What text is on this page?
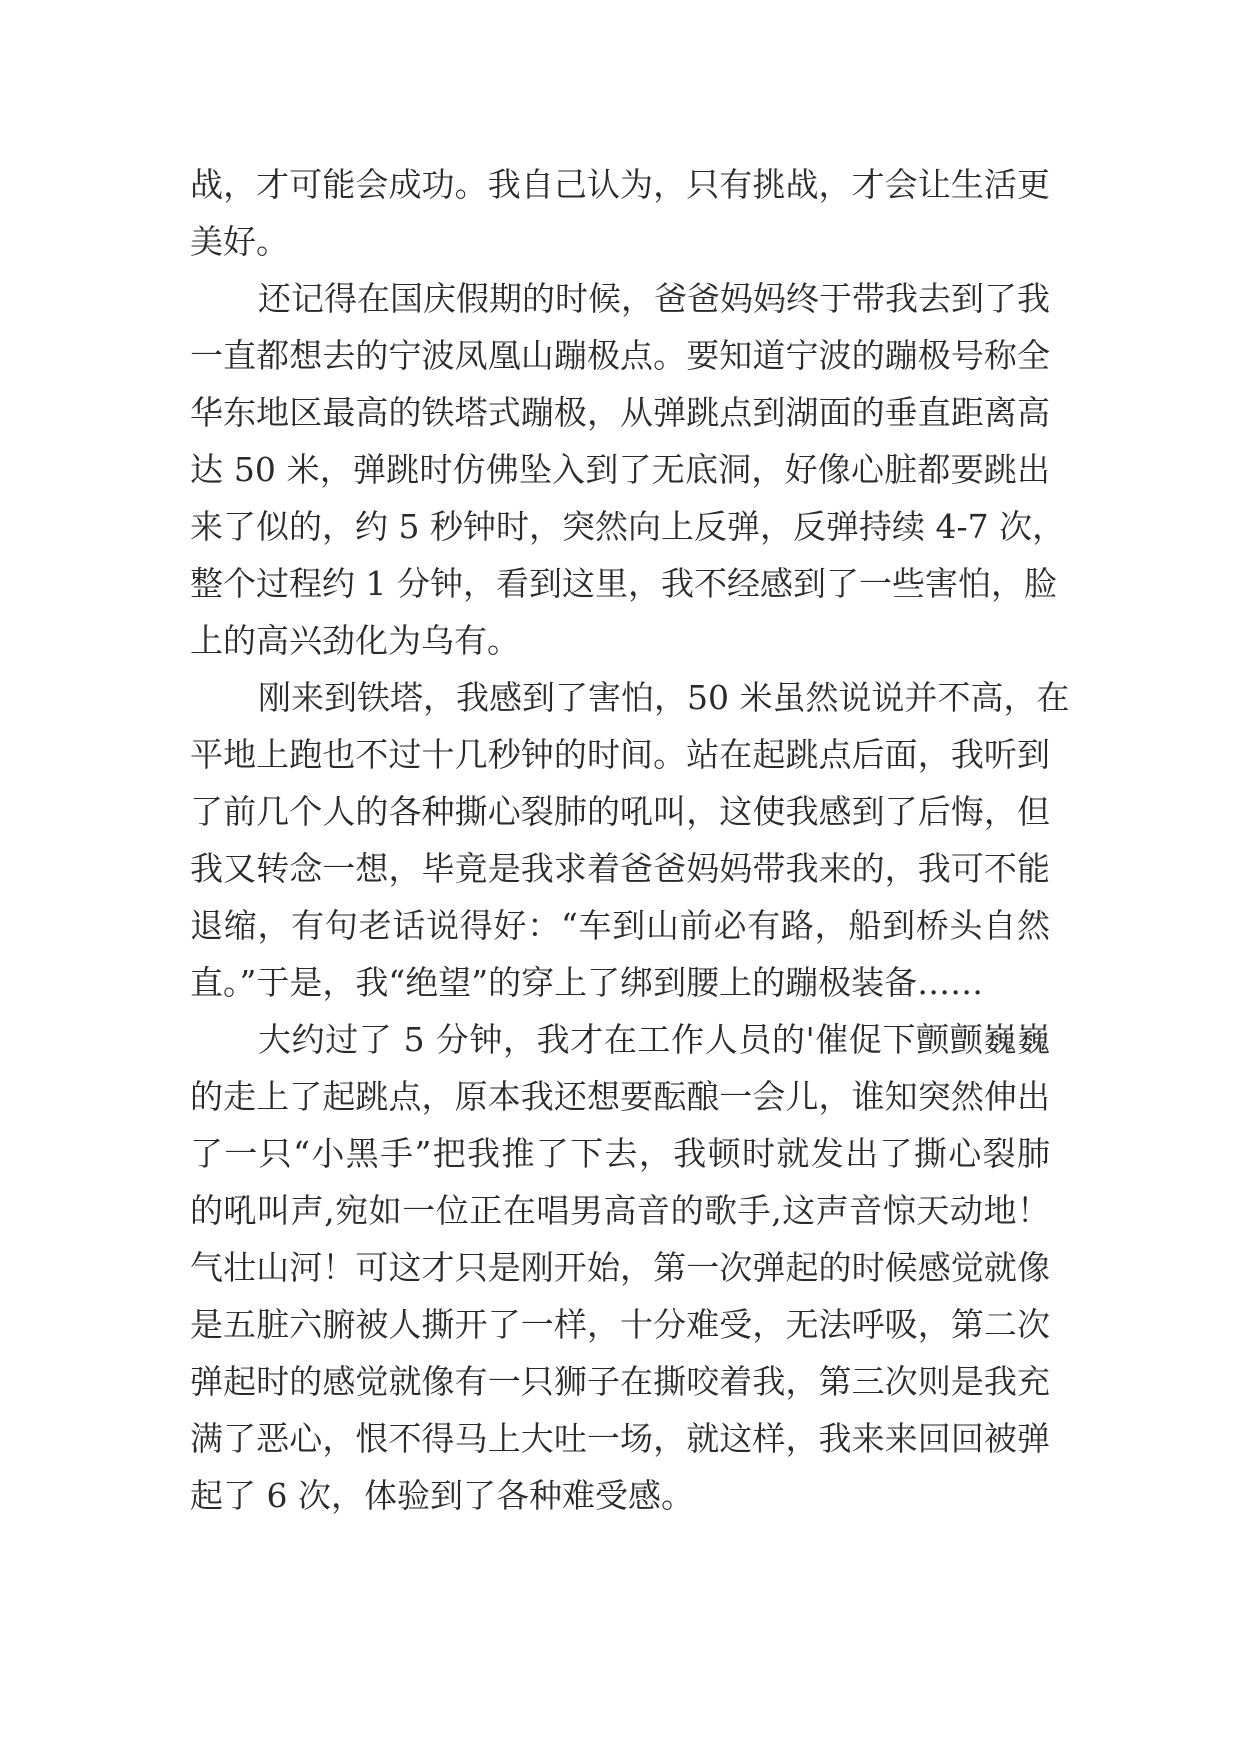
战，才可能会成功。我自己认为，只有挑战，才会让生活更
美好。
还记得在国庆假期的时候，爸爸妈妈终于带我去到了我
一直都想去的宁波凤凰山蹦极点。要知道宁波的蹦极号称全
华东地区最高的铁塔式蹦极，从弹跳点到湖面的垂直距离高
达 50 米，弹跳时仿佛坠入到了无底洞，好像心脏都要跳出
来了似的，约 5 秒钟时，突然向上反弹，反弹持续 4-7 次，
整个过程约 1 分钟，看到这里，我不经感到了一些害怕，脸
上的高兴劲化为乌有。
刚来到铁塔，我感到了害怕，50 米虽然说说并不高，在
平地上跑也不过十几秒钟的时间。站在起跳点后面，我听到
了前几个人的各种撕心裂肺的吼叫，这使我感到了后悔，但
我又转念一想，毕竟是我求着爸爸妈妈带我来的，我可不能
退缩，有句老话说得好：“车到山前必有路，船到桥头自然
直。”于是，我“绝望”的穿上了绑到腰上的蹦极装备……
大约过了 5 分钟，我才在工作人员的'催促下颤颤巍巍
的走上了起跳点，原本我还想要酝酿一会儿，谁知突然伸出
了一只“小黑手”把我推了下去，我顿时就发出了撕心裂肺
的吼叫声,宛如一位正在唱男高音的歌手,这声音惊天动地！
气壮山河！可这才只是刚开始，第一次弹起的时候感觉就像
是五脏六腑被人撕开了一样，十分难受，无法呼吸，第二次
弹起时的感觉就像有一只狮子在撕咬着我，第三次则是我充
满了恶心，恨不得马上大吐一场，就这样，我来来回回被弹
起了 6 次，体验到了各种难受感。
